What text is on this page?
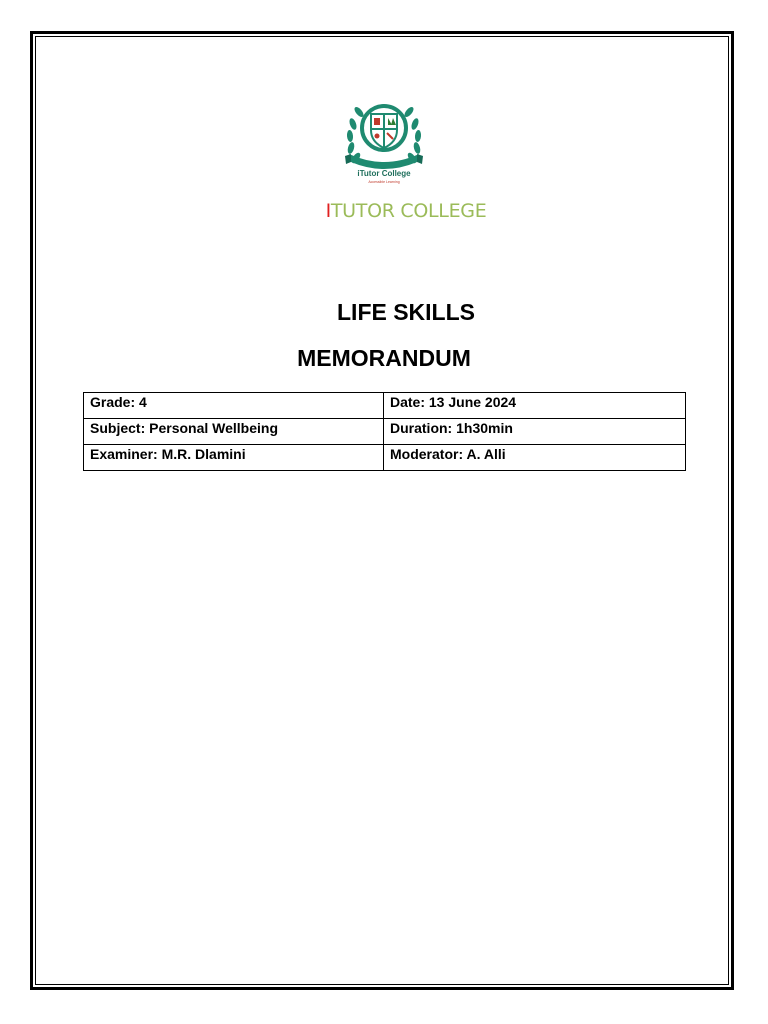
iTutor College
Accessible Learning
ITUTOR COLLEGE
LIFE SKILLS
MEMORANDUM
Grade: 4	Date: 13 June 2024
Subject: Personal Wellbeing	Duration: 1h30min
Examiner: M.R. Dlamini	Moderator: A. Alli
